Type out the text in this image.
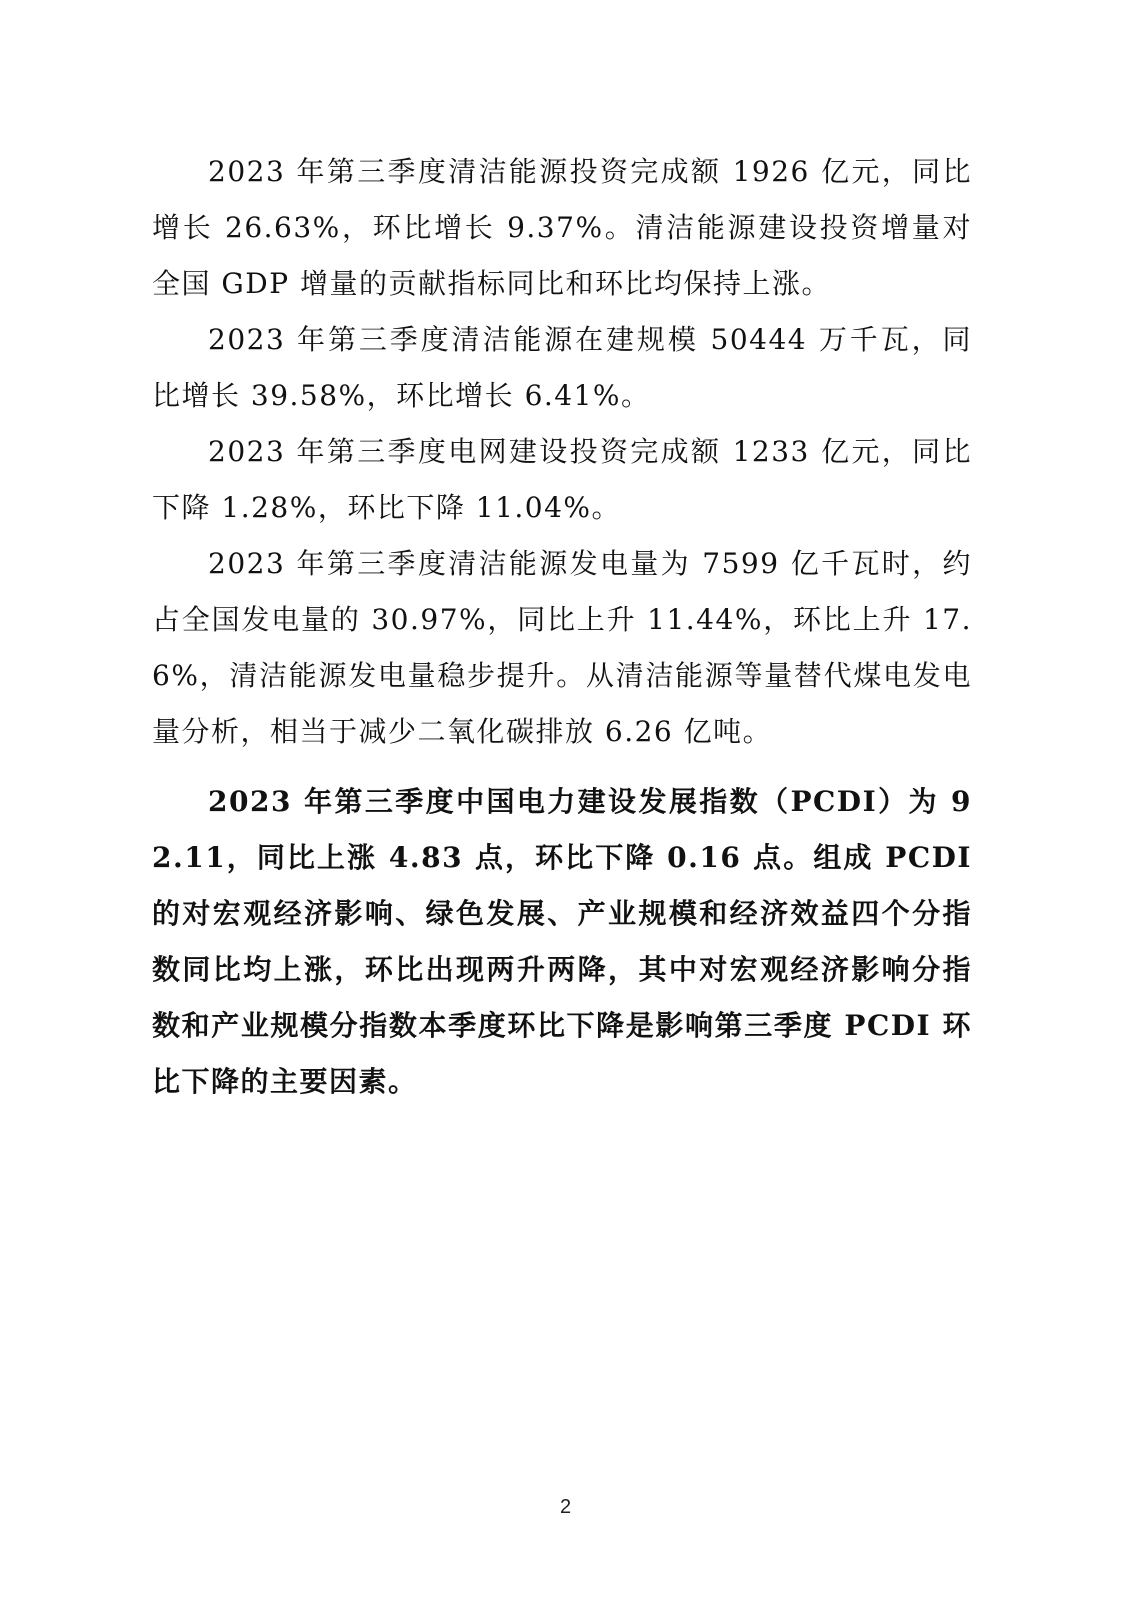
2023 年第三季度清洁能源投资完成额 1926 亿元，同比增长 26.63%，环比增长 9.37%。清洁能源建设投资增量对全国 GDP 增量的贡献指标同比和环比均保持上涨。

2023 年第三季度清洁能源在建规模 50444 万千瓦，同比增长 39.58%，环比增长 6.41%。

2023 年第三季度电网建设投资完成额 1233 亿元，同比下降 1.28%，环比下降 11.04%。

2023 年第三季度清洁能源发电量为 7599 亿千瓦时，约占全国发电量的 30.97%，同比上升 11.44%，环比上升 17.6%，清洁能源发电量稳步提升。从清洁能源等量替代煤电发电量分析，相当于减少二氧化碳排放 6.26 亿吨。

2023 年第三季度中国电力建设发展指数（PCDI）为 92.11，同比上涨 4.83 点，环比下降 0.16 点。组成 PCDI 的对宏观经济影响、绿色发展、产业规模和经济效益四个分指数同比均上涨，环比出现两升两降，其中对宏观经济影响分指数和产业规模分指数本季度环比下降是影响第三季度 PCDI 环比下降的主要因素。

2
